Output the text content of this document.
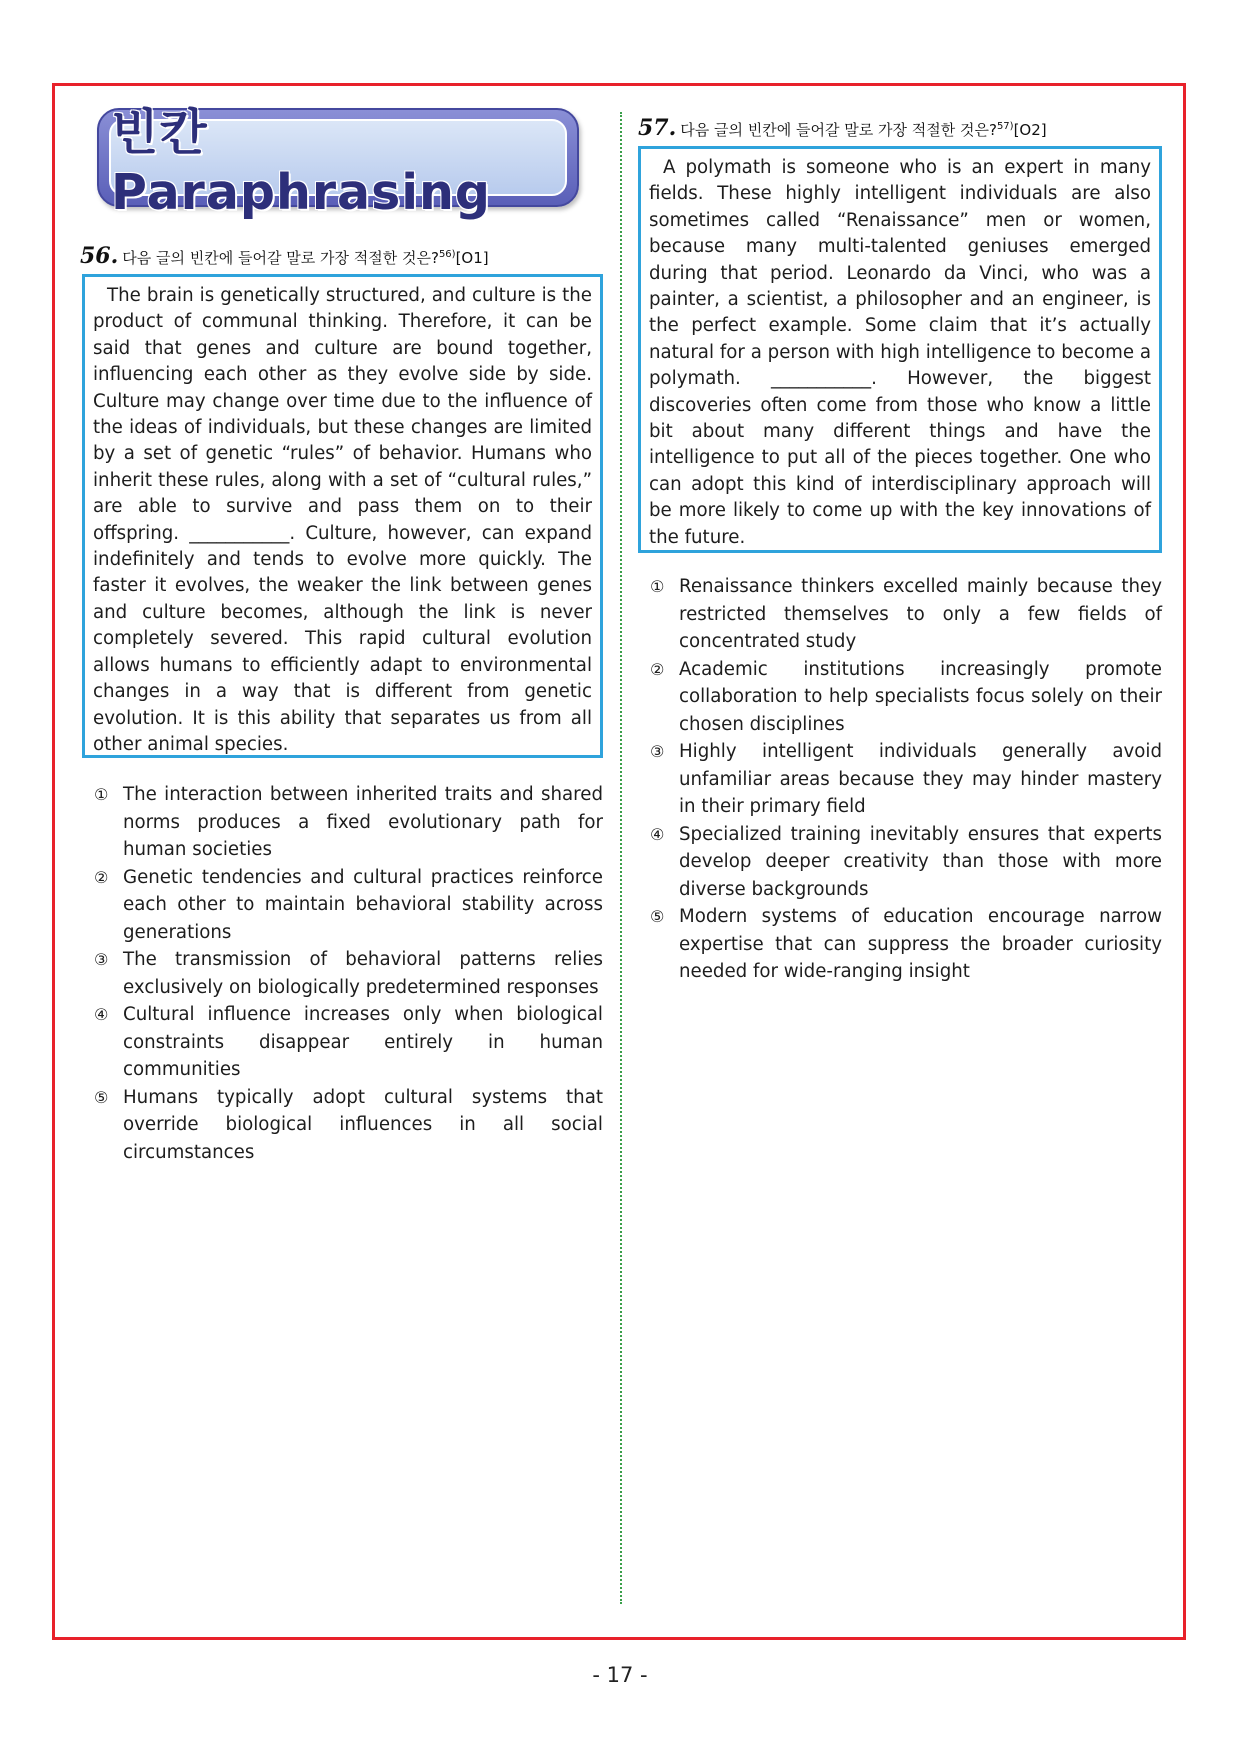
빈칸 Paraphrasing
56. 다음 글의 빈칸에 들어갈 말로 가장 적절한 것은?$^{56)}$[O1]

The brain is genetically structured, and culture is the product of communal thinking. Therefore, it can be said that genes and culture are bound together, influencing each other as they evolve side by side. Culture may change over time due to the influence of the ideas of individuals, but these changes are limited by a set of genetic “rules” of behavior. Humans who inherit these rules, along with a set of “cultural rules,” are able to survive and pass them on to their offspring. ___________. Culture, however, can expand indefinitely and tends to evolve more quickly. The faster it evolves, the weaker the link between genes and culture becomes, although the link is never completely severed. This rapid cultural evolution allows humans to efficiently adapt to environmental changes in a way that is different from genetic evolution. It is this ability that separates us from all other animal species.

① The interaction between inherited traits and shared norms produces a fixed evolutionary path for human societies
② Genetic tendencies and cultural practices reinforce each other to maintain behavioral stability across generations
③ The transmission of behavioral patterns relies exclusively on biologically predetermined responses
④ Cultural influence increases only when biological constraints disappear entirely in human communities
⑤ Humans typically adopt cultural systems that override biological influences in all social circumstances
57. 다음 글의 빈칸에 들어갈 말로 가장 적절한 것은?$^{57)}$[O2]

A polymath is someone who is an expert in many fields. These highly intelligent individuals are also sometimes called “Renaissance” men or women, because many multi-talented geniuses emerged during that period. Leonardo da Vinci, who was a painter, a scientist, a philosopher and an engineer, is the perfect example. Some claim that it’s actually natural for a person with high intelligence to become a polymath. ___________. However, the biggest discoveries often come from those who know a little bit about many different things and have the intelligence to put all of the pieces together. One who can adopt this kind of interdisciplinary approach will be more likely to come up with the key innovations of the future.

① Renaissance thinkers excelled mainly because they restricted themselves to only a few fields of concentrated study
② Academic institutions increasingly promote collaboration to help specialists focus solely on their chosen disciplines
③ Highly intelligent individuals generally avoid unfamiliar areas because they may hinder mastery in their primary field
④ Specialized training inevitably ensures that experts develop deeper creativity than those with more diverse backgrounds
⑤ Modern systems of education encourage narrow expertise that can suppress the broader curiosity needed for wide-ranging insight
- 17 -
